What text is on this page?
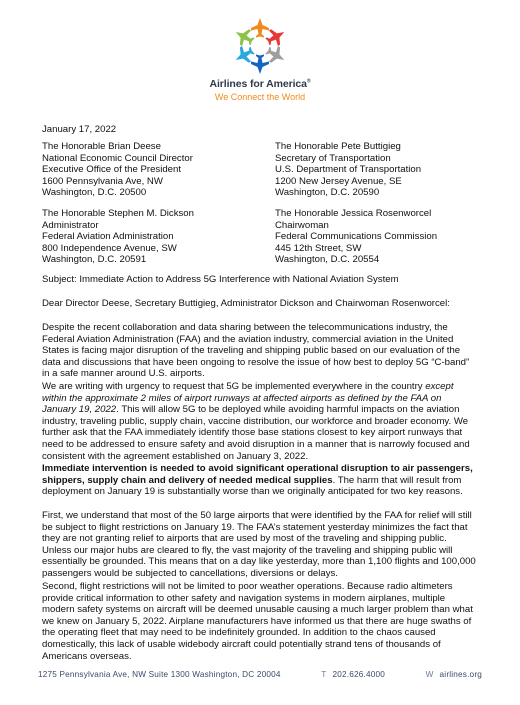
Airlines for America®
We Connect the World
January 17, 2022
The Honorable Brian Deese
National Economic Council Director
Executive Office of the President
1600 Pennsylvania Ave, NW
Washington, D.C. 20500
The Honorable Pete Buttigieg
Secretary of Transportation
U.S. Department of Transportation
1200 New Jersey Avenue, SE
Washington, D.C. 20590
The Honorable Stephen M. Dickson
Administrator
Federal Aviation Administration
800 Independence Avenue, SW
Washington, D.C. 20591
The Honorable Jessica Rosenworcel
Chairwoman
Federal Communications Commission
445 12th Street, SW
Washington, D.C. 20554
Subject: Immediate Action to Address 5G Interference with National Aviation System
Dear Director Deese, Secretary Buttigieg, Administrator Dickson and Chairwoman Rosenworcel:
Despite the recent collaboration and data sharing between the telecommunications industry, the Federal Aviation Administration (FAA) and the aviation industry, commercial aviation in the United States is facing major disruption of the traveling and shipping public based on our evaluation of the data and discussions that have been ongoing to resolve the issue of how best to deploy 5G “C-band” in a safe manner around U.S. airports.
We are writing with urgency to request that 5G be implemented everywhere in the country except within the approximate 2 miles of airport runways at affected airports as defined by the FAA on January 19, 2022. This will allow 5G to be deployed while avoiding harmful impacts on the aviation industry, traveling public, supply chain, vaccine distribution, our workforce and broader economy. We further ask that the FAA immediately identify those base stations closest to key airport runways that need to be addressed to ensure safety and avoid disruption in a manner that is narrowly focused and consistent with the agreement established on January 3, 2022.
Immediate intervention is needed to avoid significant operational disruption to air passengers, shippers, supply chain and delivery of needed medical supplies. The harm that will result from deployment on January 19 is substantially worse than we originally anticipated for two key reasons.
First, we understand that most of the 50 large airports that were identified by the FAA for relief will still be subject to flight restrictions on January 19. The FAA’s statement yesterday minimizes the fact that they are not granting relief to airports that are used by most of the traveling and shipping public. Unless our major hubs are cleared to fly, the vast majority of the traveling and shipping public will essentially be grounded. This means that on a day like yesterday, more than 1,100 flights and 100,000 passengers would be subjected to cancellations, diversions or delays.
Second, flight restrictions will not be limited to poor weather operations. Because radio altimeters provide critical information to other safety and navigation systems in modern airplanes, multiple modern safety systems on aircraft will be deemed unusable causing a much larger problem than what we knew on January 5, 2022. Airplane manufacturers have informed us that there are huge swaths of the operating fleet that may need to be indefinitely grounded. In addition to the chaos caused domestically, this lack of usable widebody aircraft could potentially strand tens of thousands of Americans overseas.
1275 Pennsylvania Ave, NW Suite 1300 Washington, DC 20004	T 202.626.4000	W airlines.org
